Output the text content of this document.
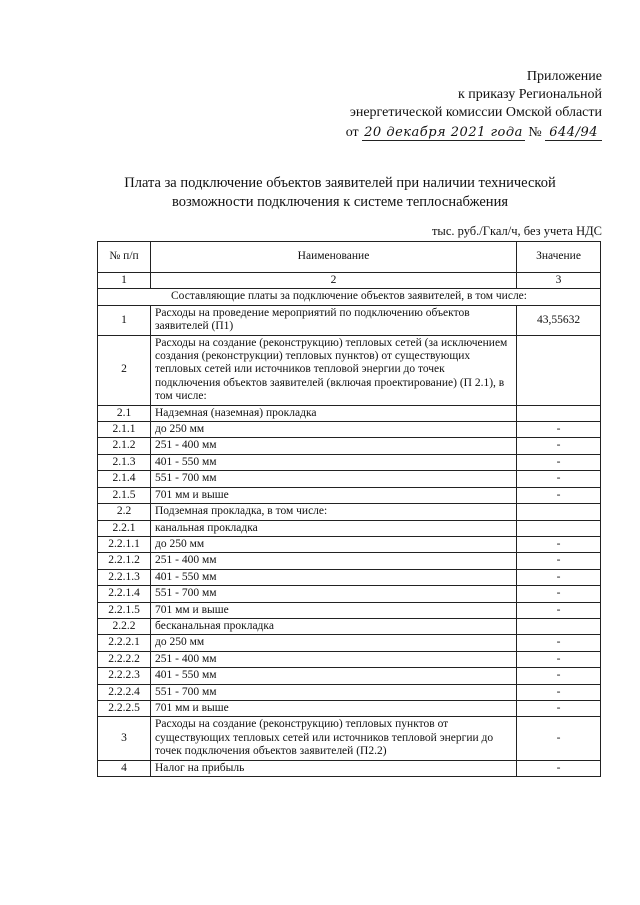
Приложение
к приказу Региональной
энергетической комиссии Омской области
от 20 декабря 2021 года № 644/94
Плата за подключение объектов заявителей при наличии технической
возможности подключения к системе теплоснабжения
тыс. руб./Гкал/ч, без учета НДС
№ п/п	Наименование	Значение
1	2	3
Составляющие платы за подключение объектов заявителей, в том числе:		
1	Расходы на проведение мероприятий по подключению объектов заявителей (П1)	43,55632
2	Расходы на создание (реконструкцию) тепловых сетей (за исключением создания (реконструкции) тепловых пунктов) от существующих тепловых сетей или источников тепловой энергии до точек подключения объектов заявителей (включая проектирование) (П 2.1), в том числе:	
2.1	Надземная (наземная) прокладка	
2.1.1	до 250 мм	-
2.1.2	251 - 400 мм	-
2.1.3	401 - 550 мм	-
2.1.4	551 - 700 мм	-
2.1.5	701 мм и выше	-
2.2	Подземная прокладка, в том числе:	
2.2.1	канальная прокладка	
2.2.1.1	до 250 мм	-
2.2.1.2	251 - 400 мм	-
2.2.1.3	401 - 550 мм	-
2.2.1.4	551 - 700 мм	-
2.2.1.5	701 мм и выше	-
2.2.2	бесканальная прокладка	
2.2.2.1	до 250 мм	-
2.2.2.2	251 - 400 мм	-
2.2.2.3	401 - 550 мм	-
2.2.2.4	551 - 700 мм	-
2.2.2.5	701 мм и выше	-
3	Расходы на создание (реконструкцию) тепловых пунктов от существующих тепловых сетей или источников тепловой энергии до точек подключения объектов заявителей (П2.2)	-
4	Налог на прибыль	-
